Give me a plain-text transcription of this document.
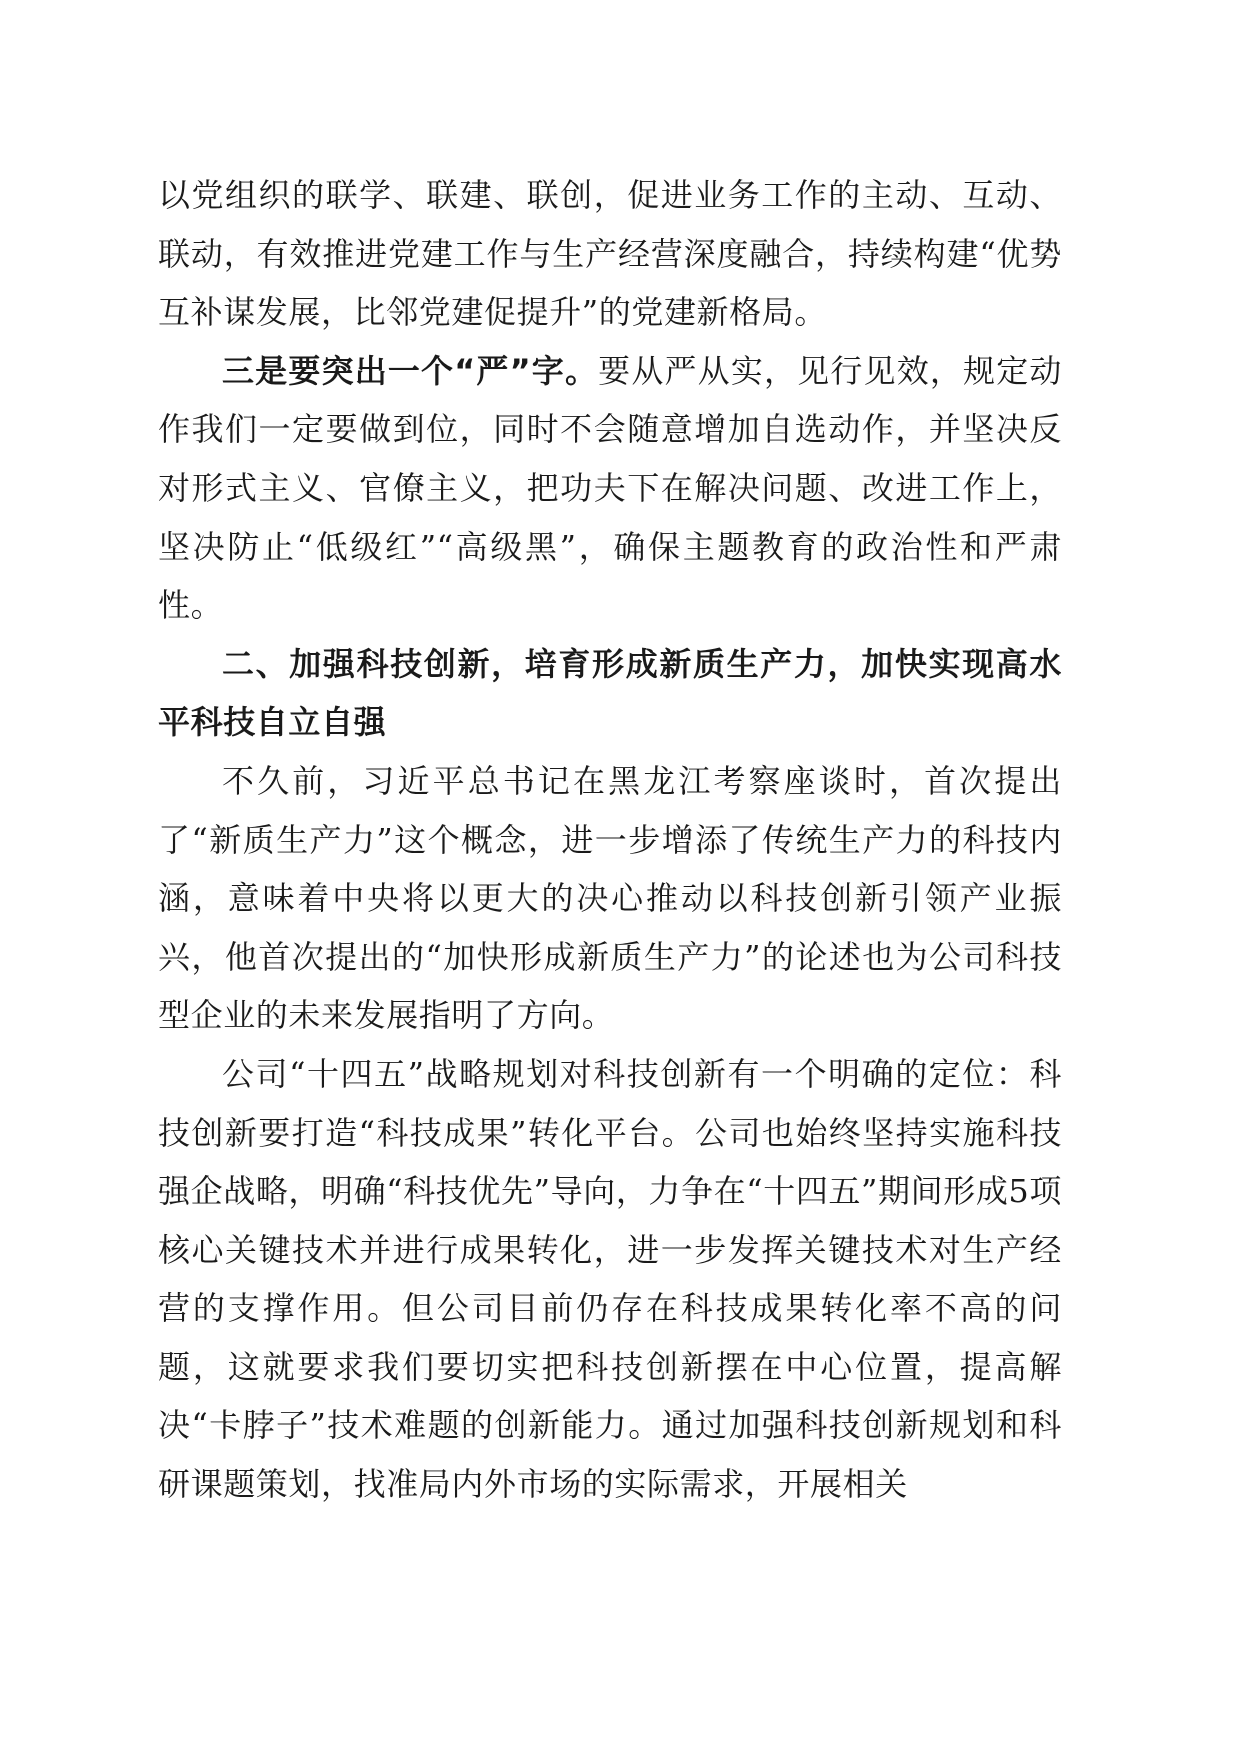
以党组织的联学、联建、联创，促进业务工作的主动、互动、联动，有效推进党建工作与生产经营深度融合，持续构建“优势互补谋发展，比邻党建促提升”的党建新格局。

三是要突出一个“严”字。要从严从实，见行见效，规定动作我们一定要做到位，同时不会随意增加自选动作，并坚决反对形式主义、官僚主义，把功夫下在解决问题、改进工作上，坚决防止“低级红”“高级黑”，确保主题教育的政治性和严肃性。

二、加强科技创新，培育形成新质生产力，加快实现高水平科技自立自强

不久前，习近平总书记在黑龙江考察座谈时，首次提出了“新质生产力”这个概念，进一步增添了传统生产力的科技内涵，意味着中央将以更大的决心推动以科技创新引领产业振兴，他首次提出的“加快形成新质生产力”的论述也为公司科技型企业的未来发展指明了方向。

公司“十四五”战略规划对科技创新有一个明确的定位：科技创新要打造“科技成果”转化平台。公司也始终坚持实施科技强企战略，明确“科技优先”导向，力争在“十四五”期间形成5项核心关键技术并进行成果转化，进一步发挥关键技术对生产经营的支撑作用。但公司目前仍存在科技成果转化率不高的问题，这就要求我们要切实把科技创新摆在中心位置，提高解决“卡脖子”技术难题的创新能力。通过加强科技创新规划和科研课题策划，找准局内外市场的实际需求，开展相关
